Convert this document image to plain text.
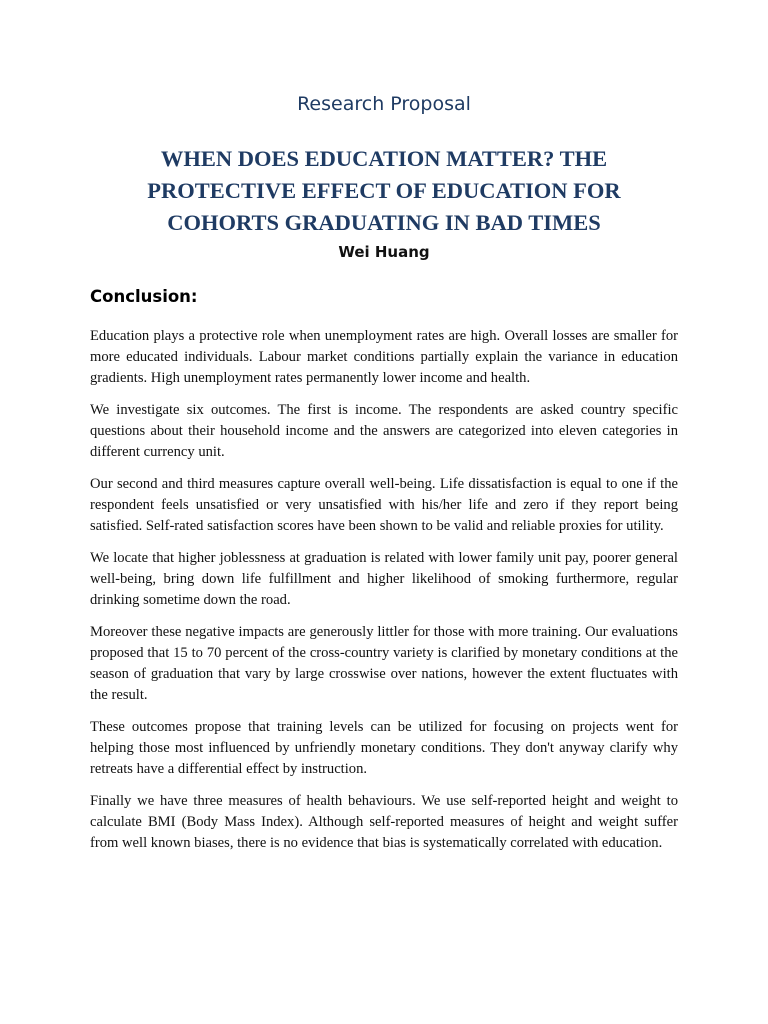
Research Proposal
WHEN DOES EDUCATION MATTER? THE
PROTECTIVE EFFECT OF EDUCATION FOR
COHORTS GRADUATING IN BAD TIMES
Wei Huang
Conclusion:

Education plays a protective role when unemployment rates are high. Overall losses are smaller for more educated individuals. Labour market conditions partially explain the variance in education gradients. High unemployment rates permanently lower income and health.

We investigate six outcomes. The first is income. The respondents are asked country specific questions about their household income and the answers are categorized into eleven categories in different currency unit.

Our second and third measures capture overall well-being. Life dissatisfaction is equal to one if the respondent feels unsatisfied or very unsatisfied with his/her life and zero if they report being satisfied. Self-rated satisfaction scores have been shown to be valid and reliable proxies for utility.

We locate that higher joblessness at graduation is related with lower family unit pay, poorer general well-being, bring down life fulfillment and higher likelihood of smoking furthermore, regular drinking sometime down the road.

Moreover these negative impacts are generously littler for those with more training. Our evaluations proposed that 15 to 70 percent of the cross-country variety is clarified by monetary conditions at the season of graduation that vary by large crosswise over nations, however the extent fluctuates with the result.

These outcomes propose that training levels can be utilized for focusing on projects went for helping those most influenced by unfriendly monetary conditions. They don't anyway clarify why retreats have a differential effect by instruction.

Finally we have three measures of health behaviours. We use self-reported height and weight to calculate BMI (Body Mass Index). Although self-reported measures of height and weight suffer from well known biases, there is no evidence that bias is systematically correlated with education.
